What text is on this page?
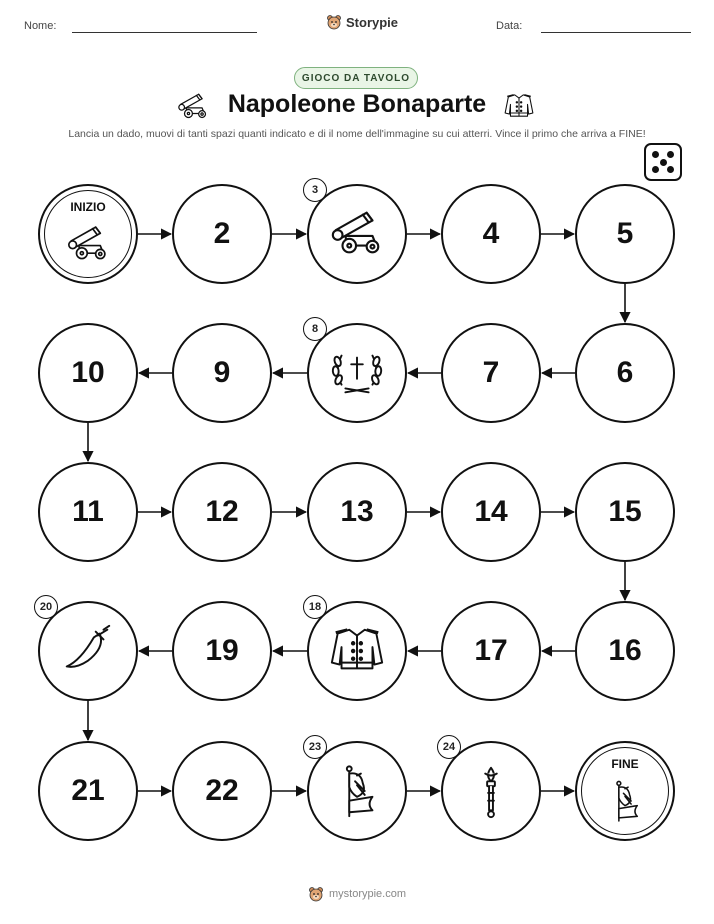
Nome:	Storypie	Data:
GIOCO DA TAVOLO
Napoleone Bonaparte
Lancia un dado, muovi di tanti spazi quanti indicato e di il nome dell'immagine su cui atterri. Vince il primo che arriva a FINE!
INIZIO
2
3
4	5
6
7
8
9
10
11	12	13	14	15
16
17
18
19
20
21	22
23	24
FINE
mystorypie.com
